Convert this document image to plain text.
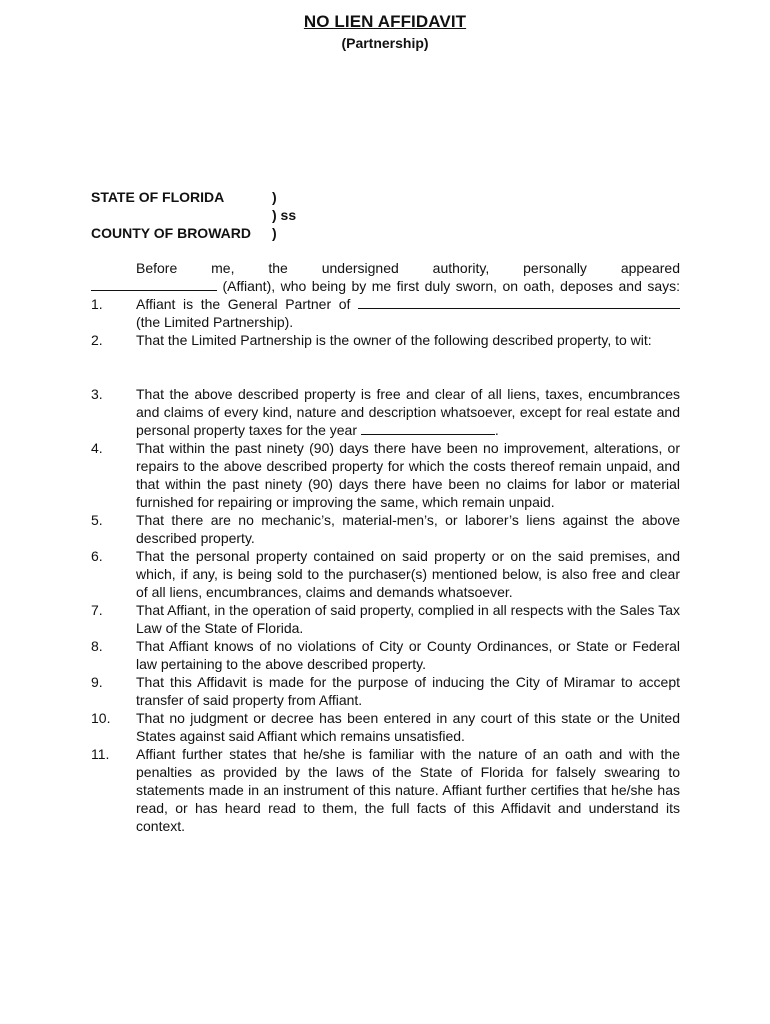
NO LIEN AFFIDAVIT
(Partnership)
STATE OF FLORIDA	)
) ss
COUNTY OF BROWARD )
Before me, the undersigned authority, personally appeared
(Affiant), who being by me first duly sworn, on oath, deposes and says:
1. Affiant is the General Partner of
(the Limited Partnership).
2. That the Limited Partnership is the owner of the following described property, to wit:
3. That the above described property is free and clear of all liens, taxes, encumbrances and claims of every kind, nature and description whatsoever, except for real estate and personal property taxes for the year	.
4. That within the past ninety (90) days there have been no improvement, alterations, or repairs to the above described property for which the costs thereof remain unpaid, and that within the past ninety (90) days there have been no claims for labor or material furnished for repairing or improving the same, which remain unpaid.
5. That there are no mechanic’s, material-men’s, or laborer’s liens against the above described property.
6. That the personal property contained on said property or on the said premises, and which, if any, is being sold to the purchaser(s) mentioned below, is also free and clear of all liens, encumbrances, claims and demands whatsoever.
7. That Affiant, in the operation of said property, complied in all respects with the Sales Tax Law of the State of Florida.
8. That Affiant knows of no violations of City or County Ordinances, or State or Federal law pertaining to the above described property.
9. That this Affidavit is made for the purpose of inducing the City of Miramar to accept transfer of said property from Affiant.
10. That no judgment or decree has been entered in any court of this state or the United States against said Affiant which remains unsatisfied.
11. Affiant further states that he/she is familiar with the nature of an oath and with the penalties as provided by the laws of the State of Florida for falsely swearing to statements made in an instrument of this nature. Affiant further certifies that he/she has read, or has heard read to them, the full facts of this Affidavit and understand its context.
